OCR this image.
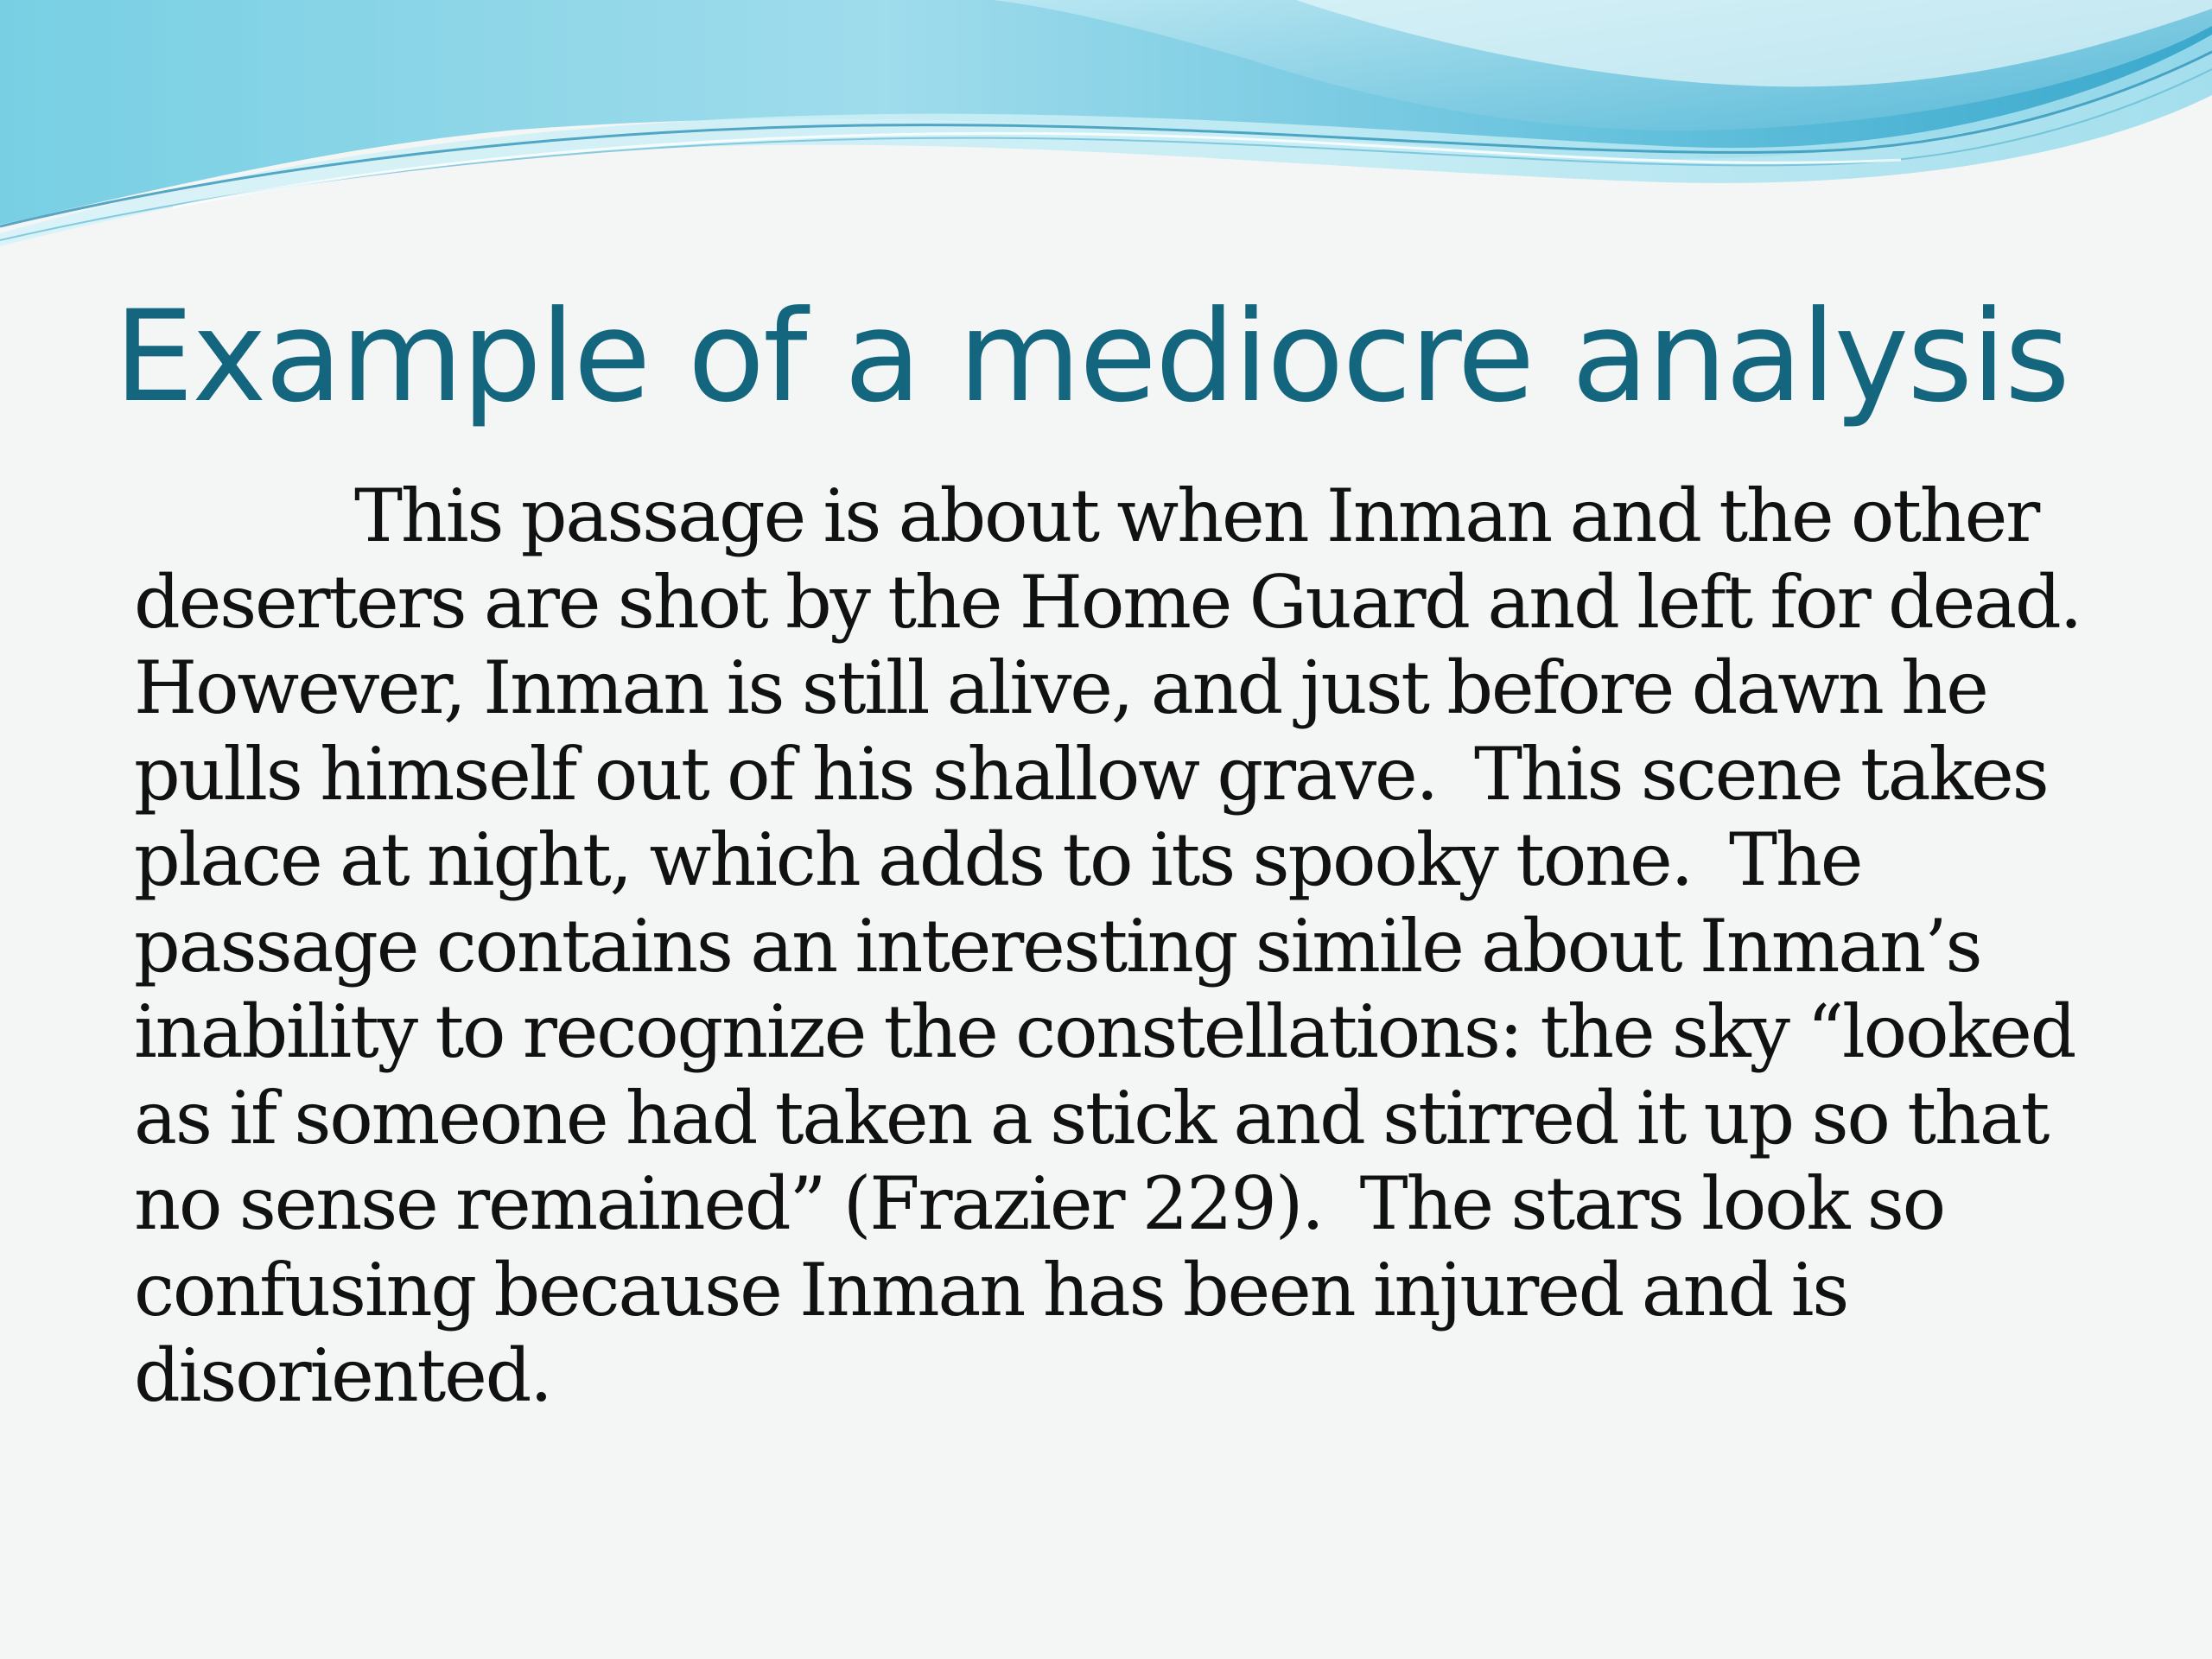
Example of a mediocre analysis
This passage is about when Inman and the other
deserters are shot by the Home Guard and left for dead.
However, Inman is still alive, and just before dawn he
pulls himself out of his shallow grave.  This scene takes
place at night, which adds to its spooky tone.  The
passage contains an interesting simile about Inman’s
inability to recognize the constellations: the sky “looked
as if someone had taken a stick and stirred it up so that
no sense remained” (Frazier 229).  The stars look so
confusing because Inman has been injured and is
disoriented.
